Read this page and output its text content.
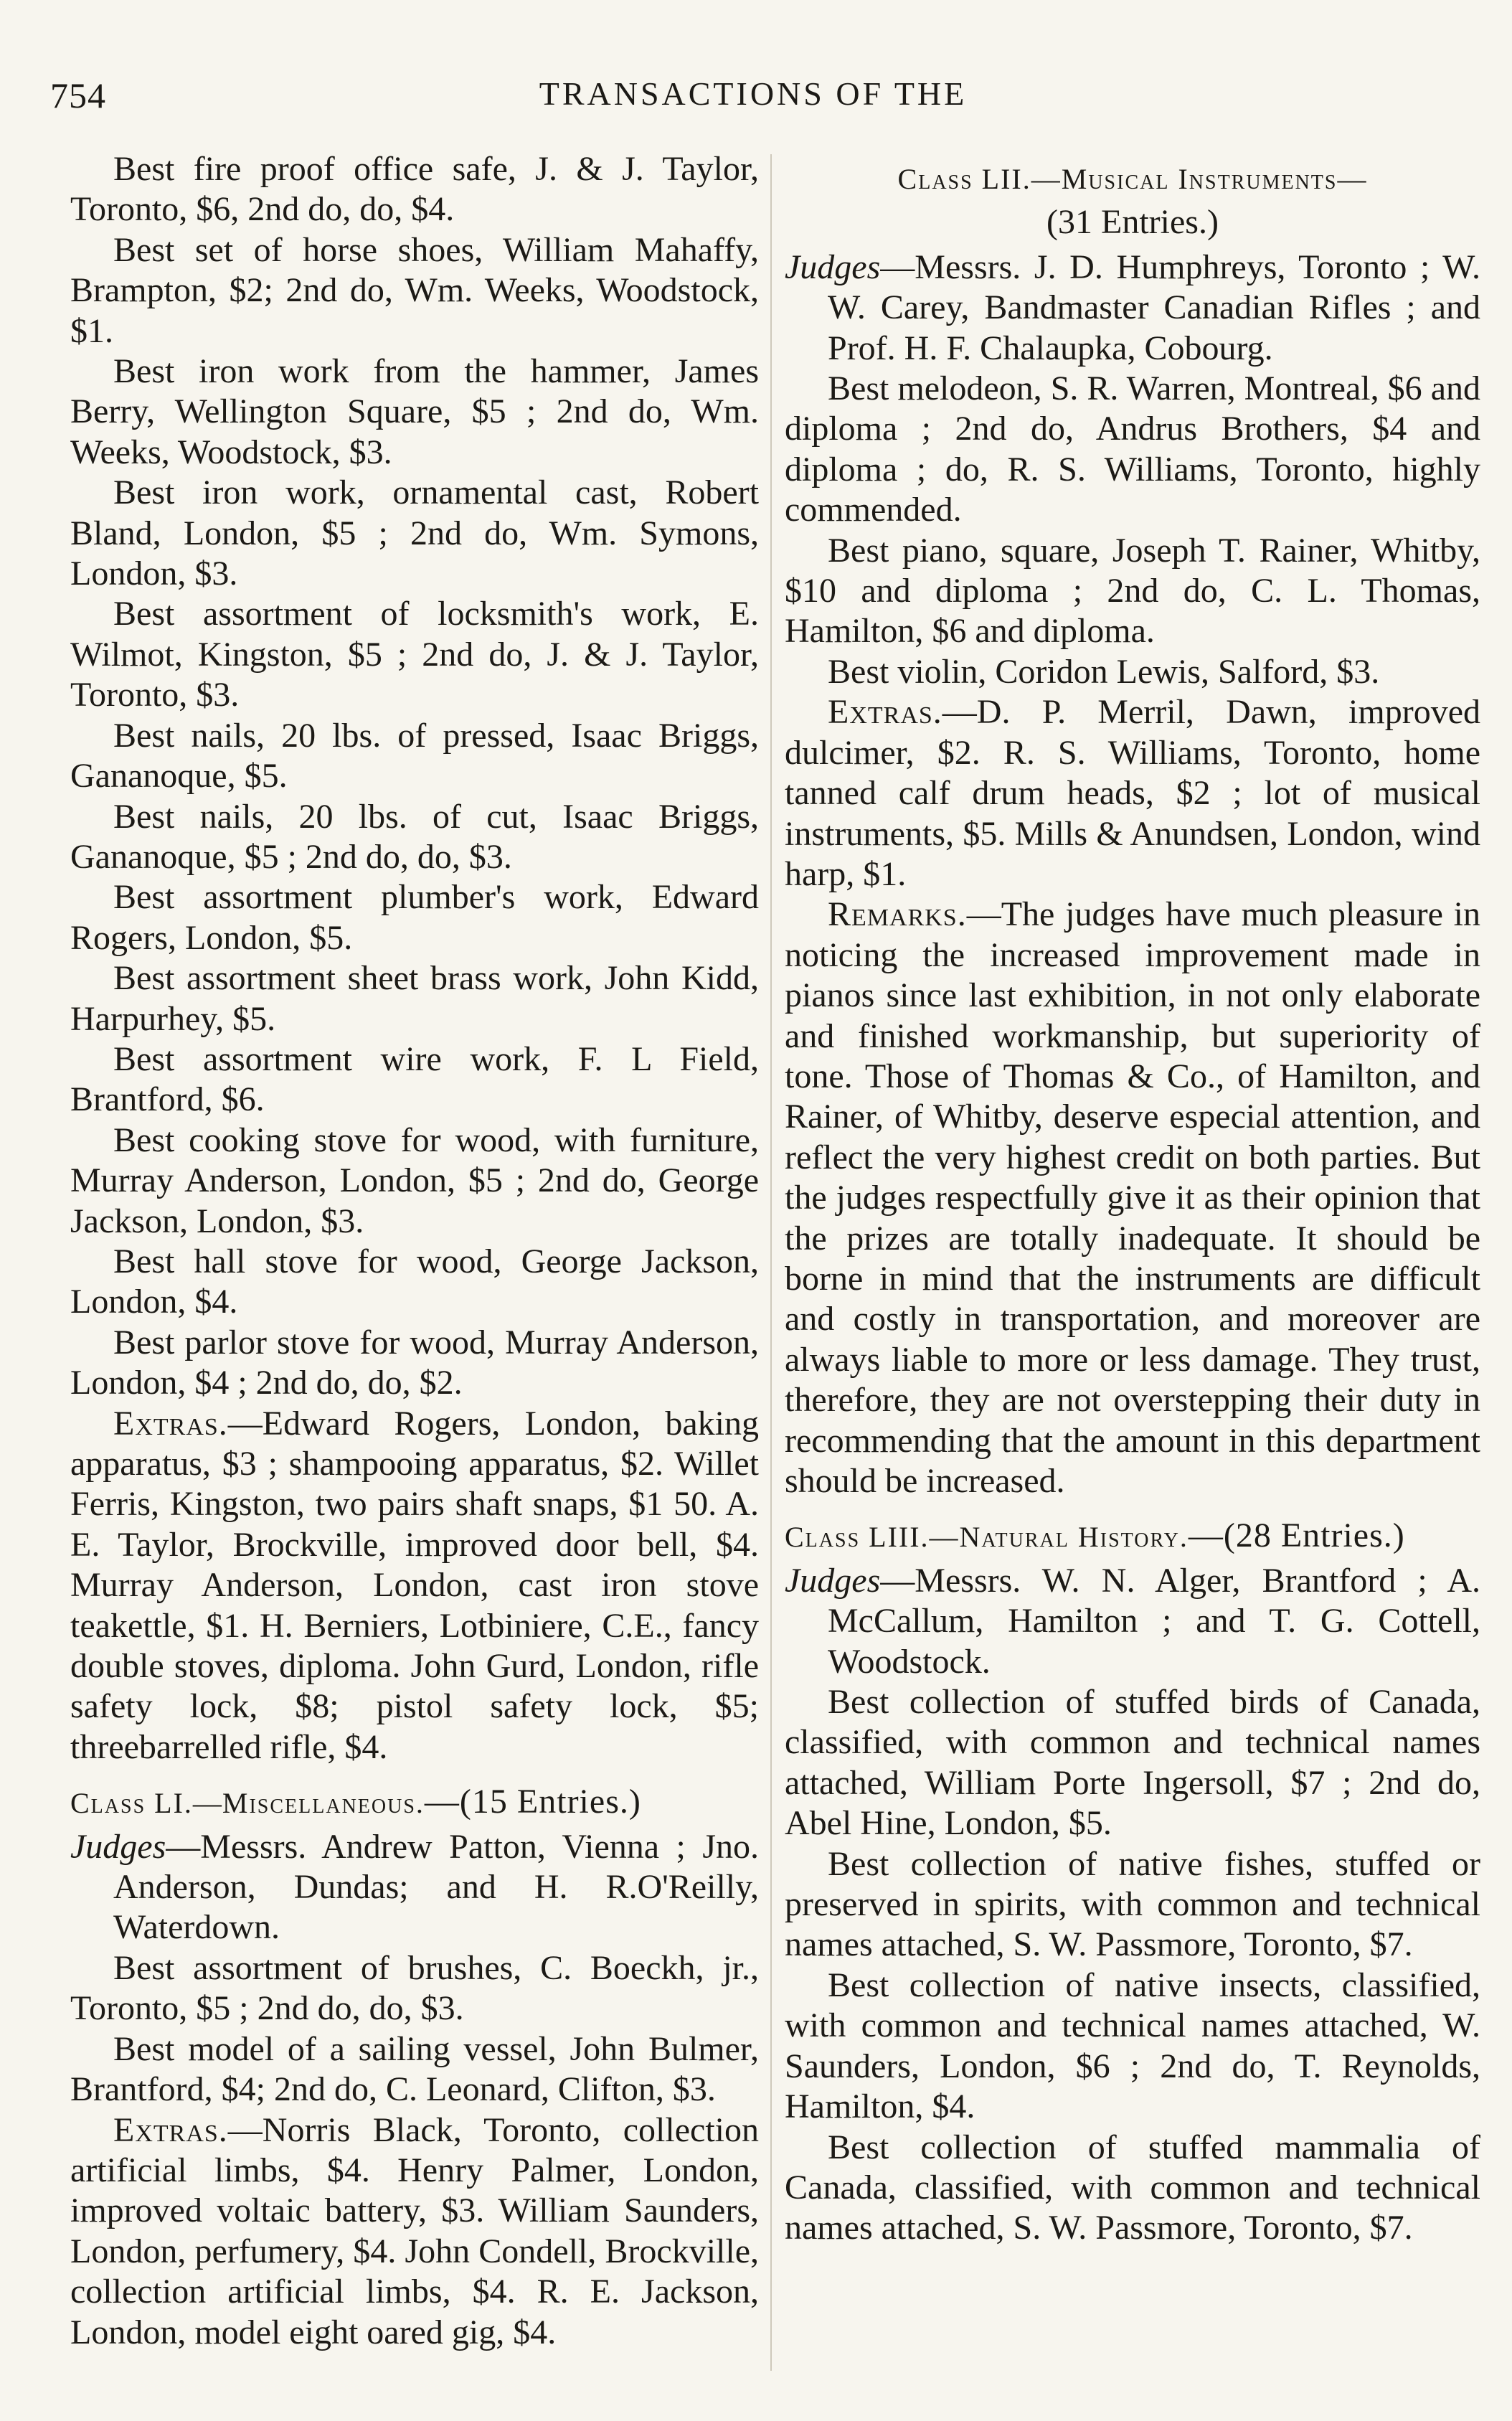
754	TRANSACTIONS OF THE

Best fire proof office safe, J. & J. Taylor, Toronto, $6, 2nd do, do, $4.

Best set of horse shoes, William Mahaffy, Brampton, $2; 2nd do, Wm. Weeks, Woodstock, $1.

Best iron work from the hammer, James Berry, Wellington Square, $5 ; 2nd do, Wm. Weeks, Woodstock, $3.

Best iron work, ornamental cast, Robert Bland, London, $5 ; 2nd do, Wm. Symons, London, $3.

Best assortment of locksmith's work, E. Wilmot, Kingston, $5 ; 2nd do, J. & J. Taylor, Toronto, $3.

Best nails, 20 lbs. of pressed, Isaac Briggs, Gananoque, $5.

Best nails, 20 lbs. of cut, Isaac Briggs, Gananoque, $5 ; 2nd do, do, $3.

Best assortment plumber's work, Edward Rogers, London, $5.

Best assortment sheet brass work, John Kidd, Harpurhey, $5.

Best assortment wire work, F. L Field, Brantford, $6.

Best cooking stove for wood, with furniture, Murray Anderson, London, $5 ; 2nd do, George Jackson, London, $3.

Best hall stove for wood, George Jackson, London, $4.

Best parlor stove for wood, Murray Anderson, London, $4 ; 2nd do, do, $2.

Extras.—Edward Rogers, London, baking apparatus, $3 ; shampooing apparatus, $2. Willet Ferris, Kingston, two pairs shaft snaps, $1 50. A. E. Taylor, Brockville, improved door bell, $4. Murray Anderson, London, cast iron stove teakettle, $1. H. Berniers, Lotbiniere, C.E., fancy double stoves, diploma. John Gurd, London, rifle safety lock, $8; pistol safety lock, $5; threebarrelled rifle, $4.

Class LI.—Miscellaneous.—(15 Entries.)

Judges—Messrs. Andrew Patton, Vienna ; Jno. Anderson, Dundas; and H. R.O'Reilly, Waterdown.

Best assortment of brushes, C. Boeckh, jr., Toronto, $5 ; 2nd do, do, $3.

Best model of a sailing vessel, John Bulmer, Brantford, $4; 2nd do, C. Leonard, Clifton, $3.

Extras.—Norris Black, Toronto, collection artificial limbs, $4. Henry Palmer, London, improved voltaic battery, $3. William Saunders, London, perfumery, $4. John Condell, Brockville, collection artificial limbs, $4. R. E. Jackson, London, model eight oared gig, $4.

Class LII.—Musical Instruments—

(31 Entries.)

Judges—Messrs. J. D. Humphreys, Toronto ; W. W. Carey, Bandmaster Canadian Rifles ; and Prof. H. F. Chalaupka, Cobourg.

Best melodeon, S. R. Warren, Montreal, $6 and diploma ; 2nd do, Andrus Brothers, $4 and diploma ; do, R. S. Williams, Toronto, highly commended.

Best piano, square, Joseph T. Rainer, Whitby, $10 and diploma ; 2nd do, C. L. Thomas, Hamilton, $6 and diploma.

Best violin, Coridon Lewis, Salford, $3.

Extras.—D. P. Merril, Dawn, improved dulcimer, $2. R. S. Williams, Toronto, home tanned calf drum heads, $2 ; lot of musical instruments, $5. Mills & Anundsen, London, wind harp, $1.

Remarks.—The judges have much pleasure in noticing the increased improvement made in pianos since last exhibition, in not only elaborate and finished workmanship, but superiority of tone. Those of Thomas & Co., of Hamilton, and Rainer, of Whitby, deserve especial attention, and reflect the very highest credit on both parties. But the judges respectfully give it as their opinion that the prizes are totally inadequate. It should be borne in mind that the instruments are difficult and costly in transportation, and moreover are always liable to more or less damage. They trust, therefore, they are not overstepping their duty in recommending that the amount in this department should be increased.

Class LIII.—Natural History.—(28 Entries.)

Judges—Messrs. W. N. Alger, Brantford ; A. McCallum, Hamilton ; and T. G. Cottell, Woodstock.

Best collection of stuffed birds of Canada, classified, with common and technical names attached, William Porte Ingersoll, $7 ; 2nd do, Abel Hine, London, $5.

Best collection of native fishes, stuffed or preserved in spirits, with common and technical names attached, S. W. Passmore, Toronto, $7.

Best collection of native insects, classified, with common and technical names attached, W. Saunders, London, $6 ; 2nd do, T. Reynolds, Hamilton, $4.

Best collection of stuffed mammalia of Canada, classified, with common and technical names attached, S. W. Passmore, Toronto, $7.
